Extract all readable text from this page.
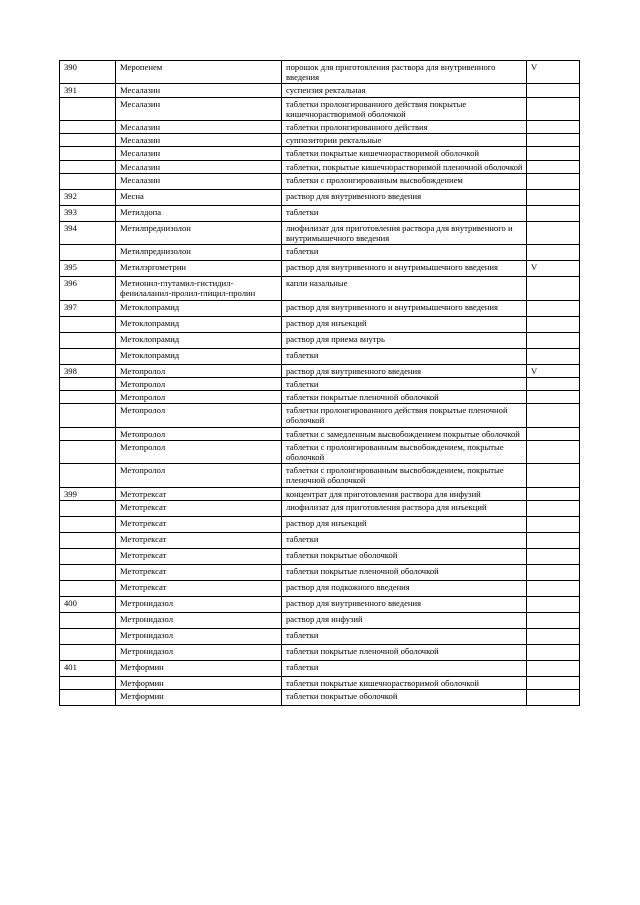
390	Меропенем	порошок для приготовления раствора для внутривенного введения	V
391	Месалазин	суспензия ректальная	
	Месалазин	таблетки пролонгированного действия покрытые кишечнорастворимой оболочкой	
	Месалазин	таблетки пролонгированного действия	
	Месалазин	суппозитории ректальные	
	Месалазин	таблетки покрытые кишечнорастворимой оболочкой	
	Месалазин	таблетки, покрытые кишечнорастворимой пленочной оболочкой	
	Месалазин	таблетки с пролонгированным высвобождением	
392	Месна	раствор для внутривенного введения	
393	Метилдопа	таблетки	
394	Метилпреднизолон	лиофилизат для приготовления раствора для внутривенного и внутримышечного введения	
	Метилпреднизолон	таблетки	
395	Метилэргометрин	раствор для внутривенного и внутримышечного введения	V
396	Метионил-глутамил-гистидил-фенилаланил-пролил-глицил-пролин	капли назальные	
397	Метоклопрамид	раствор для внутривенного и внутримышечного введения	
	Метоклопрамид	раствор для инъекций	
	Метоклопрамид	раствор для приема внутрь	
	Метоклопрамид	таблетки	
398	Метопролол	раствор для внутривенного введения	V
	Метопролол	таблетки	
	Метопролол	таблетки покрытые пленочной оболочкой	
	Метопролол	таблетки пролонгированного действия покрытые пленочной оболочкой	
	Метопролол	таблетки с замедленным высвобождением покрытые оболочкой	
	Метопролол	таблетки с пролонгированным высвобождением, покрытые оболочкой	
	Метопролол	таблетки с пролонгированным высвобождением, покрытые пленочной оболочкой	
399	Метотрексат	концентрат для приготовления раствора для инфузий	
	Метотрексат	лиофилизат для приготовления раствора для инъекций	
	Метотрексат	раствор для инъекций	
	Метотрексат	таблетки	
	Метотрексат	таблетки покрытые оболочкой	
	Метотрексат	таблетки покрытые пленочной оболочкой	
	Метотрексат	раствор для подкожного введения	
400	Метронидазол	раствор для внутривенного введения	
	Метронидазол	раствор для инфузий	
	Метронидазол	таблетки	
	Метронидазол	таблетки покрытые пленочной оболочкой	
401	Метформин	таблетки	
	Метформин	таблетки покрытые кишечнорастворимой оболочкой	
	Метформин	таблетки покрытые оболочкой	
